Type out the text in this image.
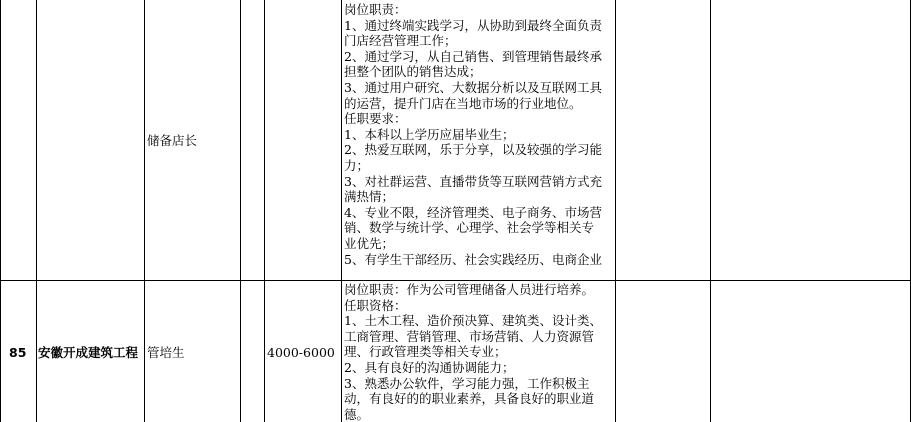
储备店长
岗位职责：
1、通过终端实践学习，从协助到最终全面负责
门店经营管理工作；
2、通过学习，从自己销售、到管理销售最终承
担整个团队的销售达成；
3、通过用户研究、大数据分析以及互联网工具
的运营，提升门店在当地市场的行业地位。
任职要求：
1、本科以上学历应届毕业生；
2、热爱互联网，乐于分享，以及较强的学习能
力；
3、对社群运营、直播带货等互联网营销方式充
满热情；
4、专业不限，经济管理类、电子商务、市场营
销、数学与统计学、心理学、社会学等相关专
业优先；
5、有学生干部经历、社会实践经历、电商企业
85 安徽开成建筑工程 管培生	4000-6000
岗位职责：作为公司管理储备人员进行培养。
任职资格：
1、土木工程、造价预决算、建筑类、设计类、
工商管理、营销管理、市场营销、人力资源管
理、行政管理类等相关专业；
2、具有良好的沟通协调能力；
3、熟悉办公软件，学习能力强，工作积极主
动，有良好的的职业素养，具备良好的职业道
德。
